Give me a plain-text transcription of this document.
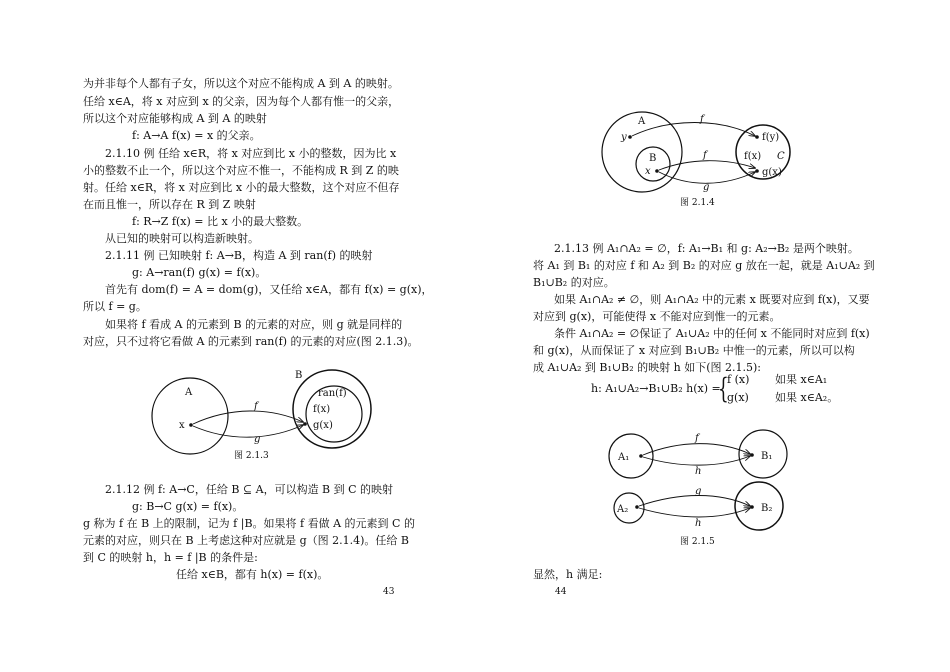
为并非每个人都有子女，所以这个对应不能构成 A 到 A 的映射。
任给 x∈A，将 x 对应到 x 的父亲，因为每个人都有惟一的父亲，
所以这个对应能够构成 A 到 A 的映射
f: A→A f(x) = x 的父亲。
2.1.10 例 任给 x∈R，将 x 对应到比 x 小的整数，因为比 x
小的整数不止一个，所以这个对应不惟一，不能构成 R 到 Z 的映
射。任给 x∈R，将 x 对应到比 x 小的最大整数，这个对应不但存
在而且惟一，所以存在 R 到 Z 映射
f: R→Z f(x) = 比 x 小的最大整数。
从已知的映射可以构造新映射。
2.1.11 例 已知映射 f: A→B，构造 A 到 ran(f) 的映射
g: A→ran(f) g(x) = f(x)。
首先有 dom(f) = A = dom(g)，又任给 x∈A，都有 f(x) = g(x)，
所以 f = g。
如果将 f 看成 A 的元素到 B 的元素的对应，则 g 就是同样的
对应，只不过将它看做 A 的元素到 ran(f) 的元素的对应(图 2.1.3)。
A
B
ran(f)
f(x)
g(x)
x
f
g
图 2.1.3
2.1.12 例 f: A→C，任给 B ⊆ A，可以构造 B 到 C 的映射
g: B→C g(x) = f(x)。
g 称为 f 在 B 上的限制，记为 f |B。如果将 f 看做 A 的元素到 C 的
元素的对应，则只在 B 上考虑这种对应就是 g（图 2.1.4)。任给 B
到 C 的映射 h，h = f |B 的条件是:
任给 x∈B，都有 h(x) = f(x)。
43
A
y
B
x
f(y)
f(x) C
g(x)
f
f
g
图 2.1.4
2.1.13 例 A₁∩A₂ = ∅，f: A₁→B₁ 和 g: A₂→B₂ 是两个映射。
将 A₁ 到 B₁ 的对应 f 和 A₂ 到 B₂ 的对应 g 放在一起，就是 A₁∪A₂ 到
B₁∪B₂ 的对应。
如果 A₁∩A₂ ≠ ∅，则 A₁∩A₂ 中的元素 x 既要对应到 f(x)，又要
对应到 g(x)，可能使得 x 不能对应到惟一的元素。
条件 A₁∩A₂ = ∅保证了 A₁∪A₂ 中的任何 x 不能同时对应到 f(x)
和 g(x)，从而保证了 x 对应到 B₁∪B₂ 中惟一的元素，所以可以构
成 A₁∪A₂ 到 B₁∪B₂ 的映射 h 如下(图 2.1.5):
h: A₁∪A₂→B₁∪B₂ h(x) =
{
f (x) 如果 x∈A₁
g(x) 如果 x∈A₂。
A₁	B₁
A₂	B₂
f
h
g
h
图 2.1.5
显然，h 满足:
44
